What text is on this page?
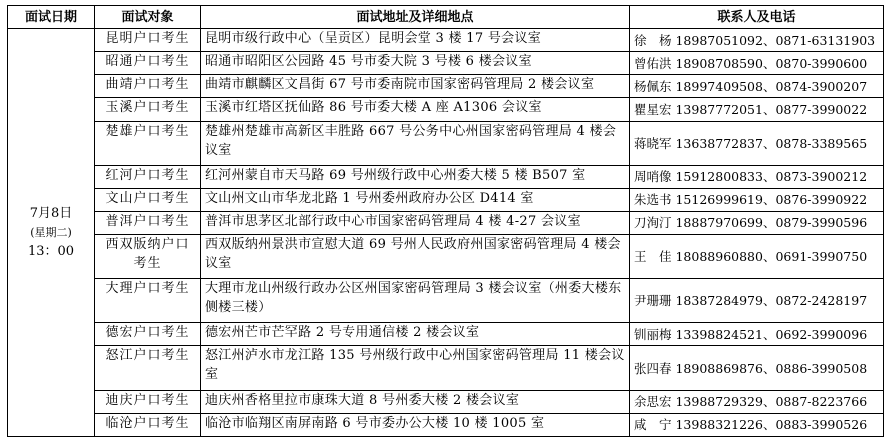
面试日期	面试对象	面试地址及详细地点	联系人及电话

7月8日
(星期二)
13：00	昆明户口考生	昆明市级行政中心（呈贡区）昆明会堂 3 楼 17 号会议室	徐　杨 18987051092、0871-63131903
	昭通户口考生	昭通市昭阳区公园路 45 号市委大院 3 号楼 6 楼会议室	曾佑洪 18908708590、0870-3990600
	曲靖户口考生	曲靖市麒麟区文昌街 67 号市委南院市国家密码管理局 2 楼会议室	杨佩东 18997409508、0874-3900207
	玉溪户口考生	玉溪市红塔区抚仙路 86 号市委大楼 A 座 A1306 会议室	瞿星宏 13987772051、0877-3990022
	楚雄户口考生	楚雄州楚雄市高新区丰胜路 667 号公务中心州国家密码管理局 4 楼会议室	蒋晓军 13638772837、0878-3389565
	红河户口考生	红河州蒙自市天马路 69 号州级行政中心州委大楼 5 楼 B507 室	周哨像 15912800833、0873-3900212
	文山户口考生	文山州文山市华龙北路 1 号州委州政府办公区 D414 室	朱选书 15126999619、0876-3990922
	普洱户口考生	普洱市思茅区北部行政中心市国家密码管理局 4 楼 4-27 会议室	刀洵汀 18887970699、0879-3990596
	西双版纳户口考生	西双版纳州景洪市宣慰大道 69 号州人民政府州国家密码管理局 4 楼会议室	王　佳 18088960880、0691-3990750
	大理户口考生	大理市龙山州级行政办公区州国家密码管理局 3 楼会议室（州委大楼东侧楼三楼）	尹珊珊 18387284979、0872-2428197
	德宏户口考生	德宏州芒市芒罕路 2 号专用通信楼 2 楼会议室	钏丽梅 13398824521、0692-3990096
	怒江户口考生	怒江州泸水市龙江路 135 号州级行政中心州国家密码管理局 11 楼会议室	张四春 18908869876、0886-3990508
	迪庆户口考生	迪庆州香格里拉市康珠大道 8 号州委大楼 2 楼会议室	余思宏 13988729329、0887-8223766
	临沧户口考生	临沧市临翔区南屏南路 6 号市委办公大楼 10 楼 1005 室	咸　宁 13988321226、0883-3990526
